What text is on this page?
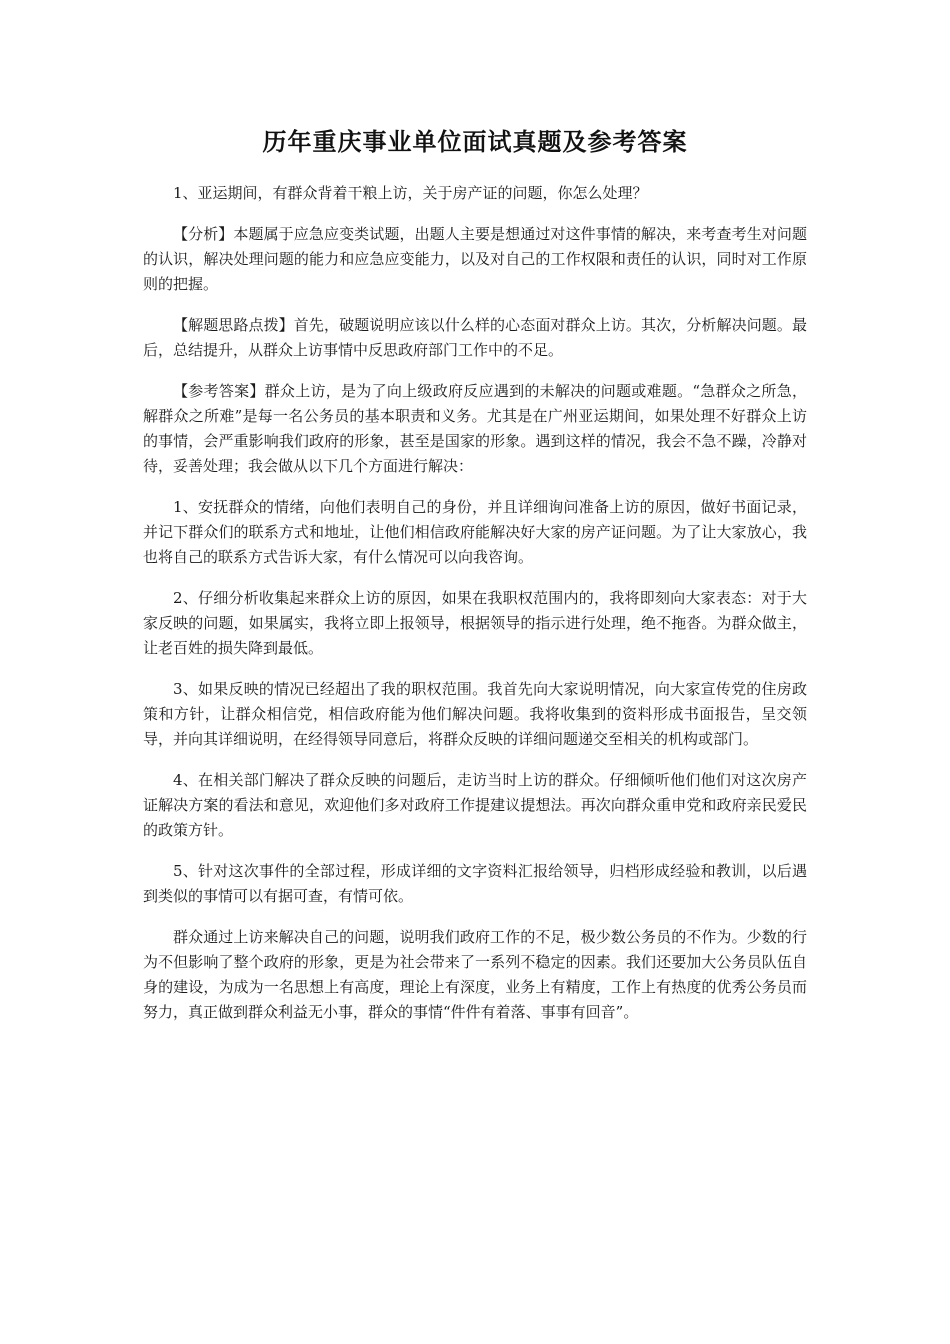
历年重庆事业单位面试真题及参考答案

1、亚运期间，有群众背着干粮上访，关于房产证的问题，你怎么处理？

【分析】本题属于应急应变类试题，出题人主要是想通过对这件事情的解决，来考查考生对问题的认识，解决处理问题的能力和应急应变能力，以及对自己的工作权限和责任的认识，同时对工作原则的把握。

【解题思路点拨】首先，破题说明应该以什么样的心态面对群众上访。其次，分析解决问题。最后，总结提升，从群众上访事情中反思政府部门工作中的不足。

【参考答案】群众上访，是为了向上级政府反应遇到的未解决的问题或难题。“急群众之所急，解群众之所难”是每一名公务员的基本职责和义务。尤其是在广州亚运期间，如果处理不好群众上访的事情，会严重影响我们政府的形象，甚至是国家的形象。遇到这样的情况，我会不急不躁，冷静对待，妥善处理；我会做从以下几个方面进行解决：

1、安抚群众的情绪，向他们表明自己的身份，并且详细询问准备上访的原因，做好书面记录，并记下群众们的联系方式和地址，让他们相信政府能解决好大家的房产证问题。为了让大家放心，我也将自己的联系方式告诉大家，有什么情况可以向我咨询。

2、仔细分析收集起来群众上访的原因，如果在我职权范围内的，我将即刻向大家表态：对于大家反映的问题，如果属实，我将立即上报领导，根据领导的指示进行处理，绝不拖沓。为群众做主，让老百姓的损失降到最低。

3、如果反映的情况已经超出了我的职权范围。我首先向大家说明情况，向大家宣传党的住房政策和方针，让群众相信党，相信政府能为他们解决问题。我将收集到的资料形成书面报告，呈交领导，并向其详细说明，在经得领导同意后，将群众反映的详细问题递交至相关的机构或部门。

4、在相关部门解决了群众反映的问题后，走访当时上访的群众。仔细倾听他们他们对这次房产证解决方案的看法和意见，欢迎他们多对政府工作提建议提想法。再次向群众重申党和政府亲民爱民的政策方针。

5、针对这次事件的全部过程，形成详细的文字资料汇报给领导，归档形成经验和教训，以后遇到类似的事情可以有据可查，有情可依。

群众通过上访来解决自己的问题，说明我们政府工作的不足，极少数公务员的不作为。少数的行为不但影响了整个政府的形象，更是为社会带来了一系列不稳定的因素。我们还要加大公务员队伍自身的建设，为成为一名思想上有高度，理论上有深度，业务上有精度，工作上有热度的优秀公务员而努力，真正做到群众利益无小事，群众的事情“件件有着落、事事有回音”。
